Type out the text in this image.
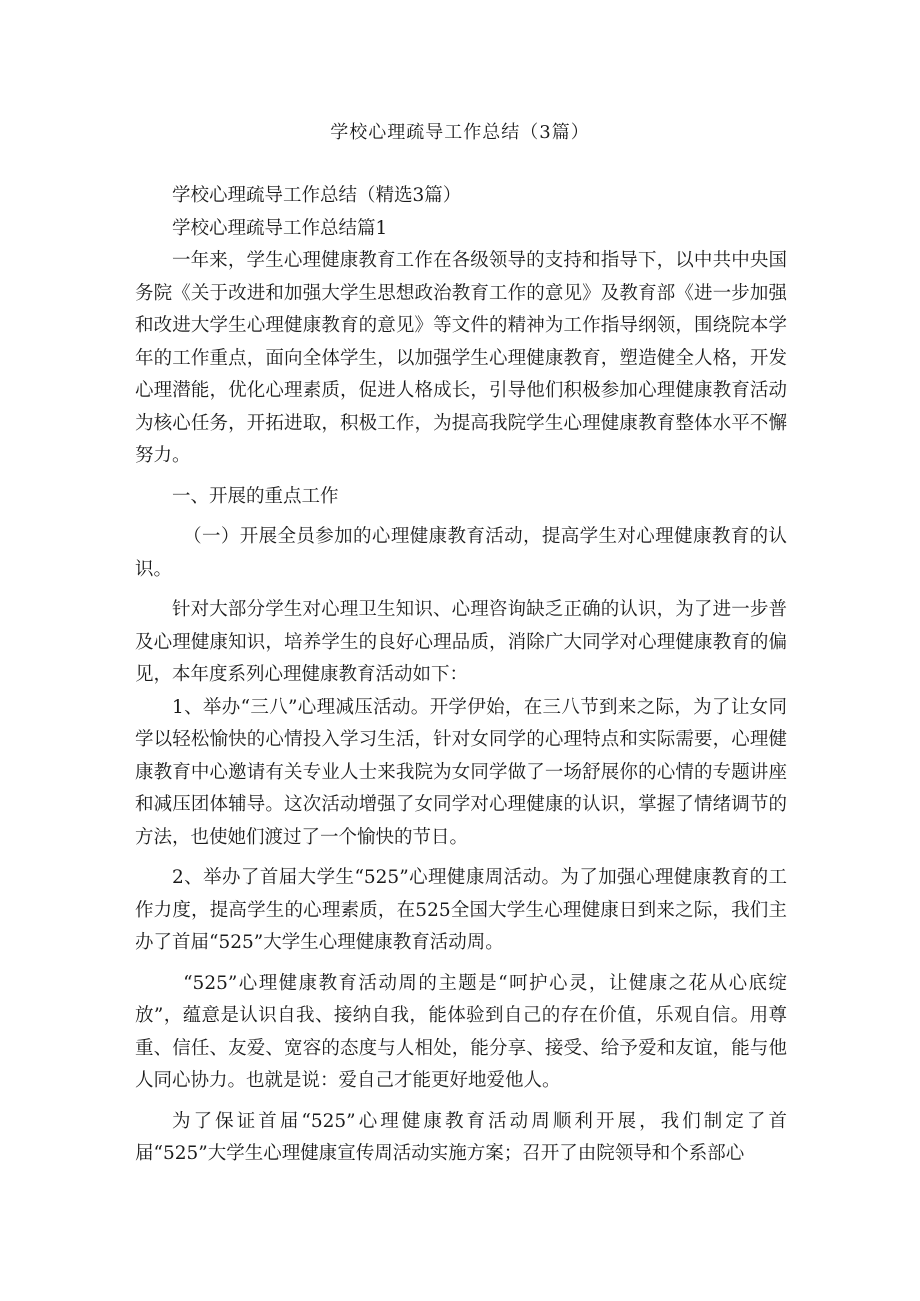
学校心理疏导工作总结（3篇）

学校心理疏导工作总结（精选3篇）

学校心理疏导工作总结篇1

一年来，学生心理健康教育工作在各级领导的支持和指导下，以中共中央国务院《关于改进和加强大学生思想政治教育工作的意见》及教育部《进一步加强和改进大学生心理健康教育的意见》等文件的精神为工作指导纲领，围绕院本学年的工作重点，面向全体学生，以加强学生心理健康教育，塑造健全人格，开发心理潜能，优化心理素质，促进人格成长，引导他们积极参加心理健康教育活动为核心任务，开拓进取，积极工作，为提高我院学生心理健康教育整体水平不懈努力。

一、开展的重点工作

（一）开展全员参加的心理健康教育活动，提高学生对心理健康教育的认识。

针对大部分学生对心理卫生知识、心理咨询缺乏正确的认识，为了进一步普及心理健康知识，培养学生的良好心理品质，消除广大同学对心理健康教育的偏见，本年度系列心理健康教育活动如下：

1、举办“三八”心理减压活动。开学伊始，在三八节到来之际，为了让女同学以轻松愉快的心情投入学习生活，针对女同学的心理特点和实际需要，心理健康教育中心邀请有关专业人士来我院为女同学做了一场舒展你的心情的专题讲座和减压团体辅导。这次活动增强了女同学对心理健康的认识，掌握了情绪调节的方法，也使她们渡过了一个愉快的节日。

2、举办了首届大学生“525”心理健康周活动。为了加强心理健康教育的工作力度，提高学生的心理素质，在525全国大学生心理健康日到来之际，我们主办了首届“525”大学生心理健康教育活动周。

“525”心理健康教育活动周的主题是“呵护心灵，让健康之花从心底绽放”，蕴意是认识自我、接纳自我，能体验到自己的存在价值，乐观自信。用尊重、信任、友爱、宽容的态度与人相处，能分享、接受、给予爱和友谊，能与他人同心协力。也就是说：爱自己才能更好地爱他人。

为了保证首届“525”心理健康教育活动周顺利开展，我们制定了首届“525”大学生心理健康宣传周活动实施方案；召开了由院领导和个系部心
